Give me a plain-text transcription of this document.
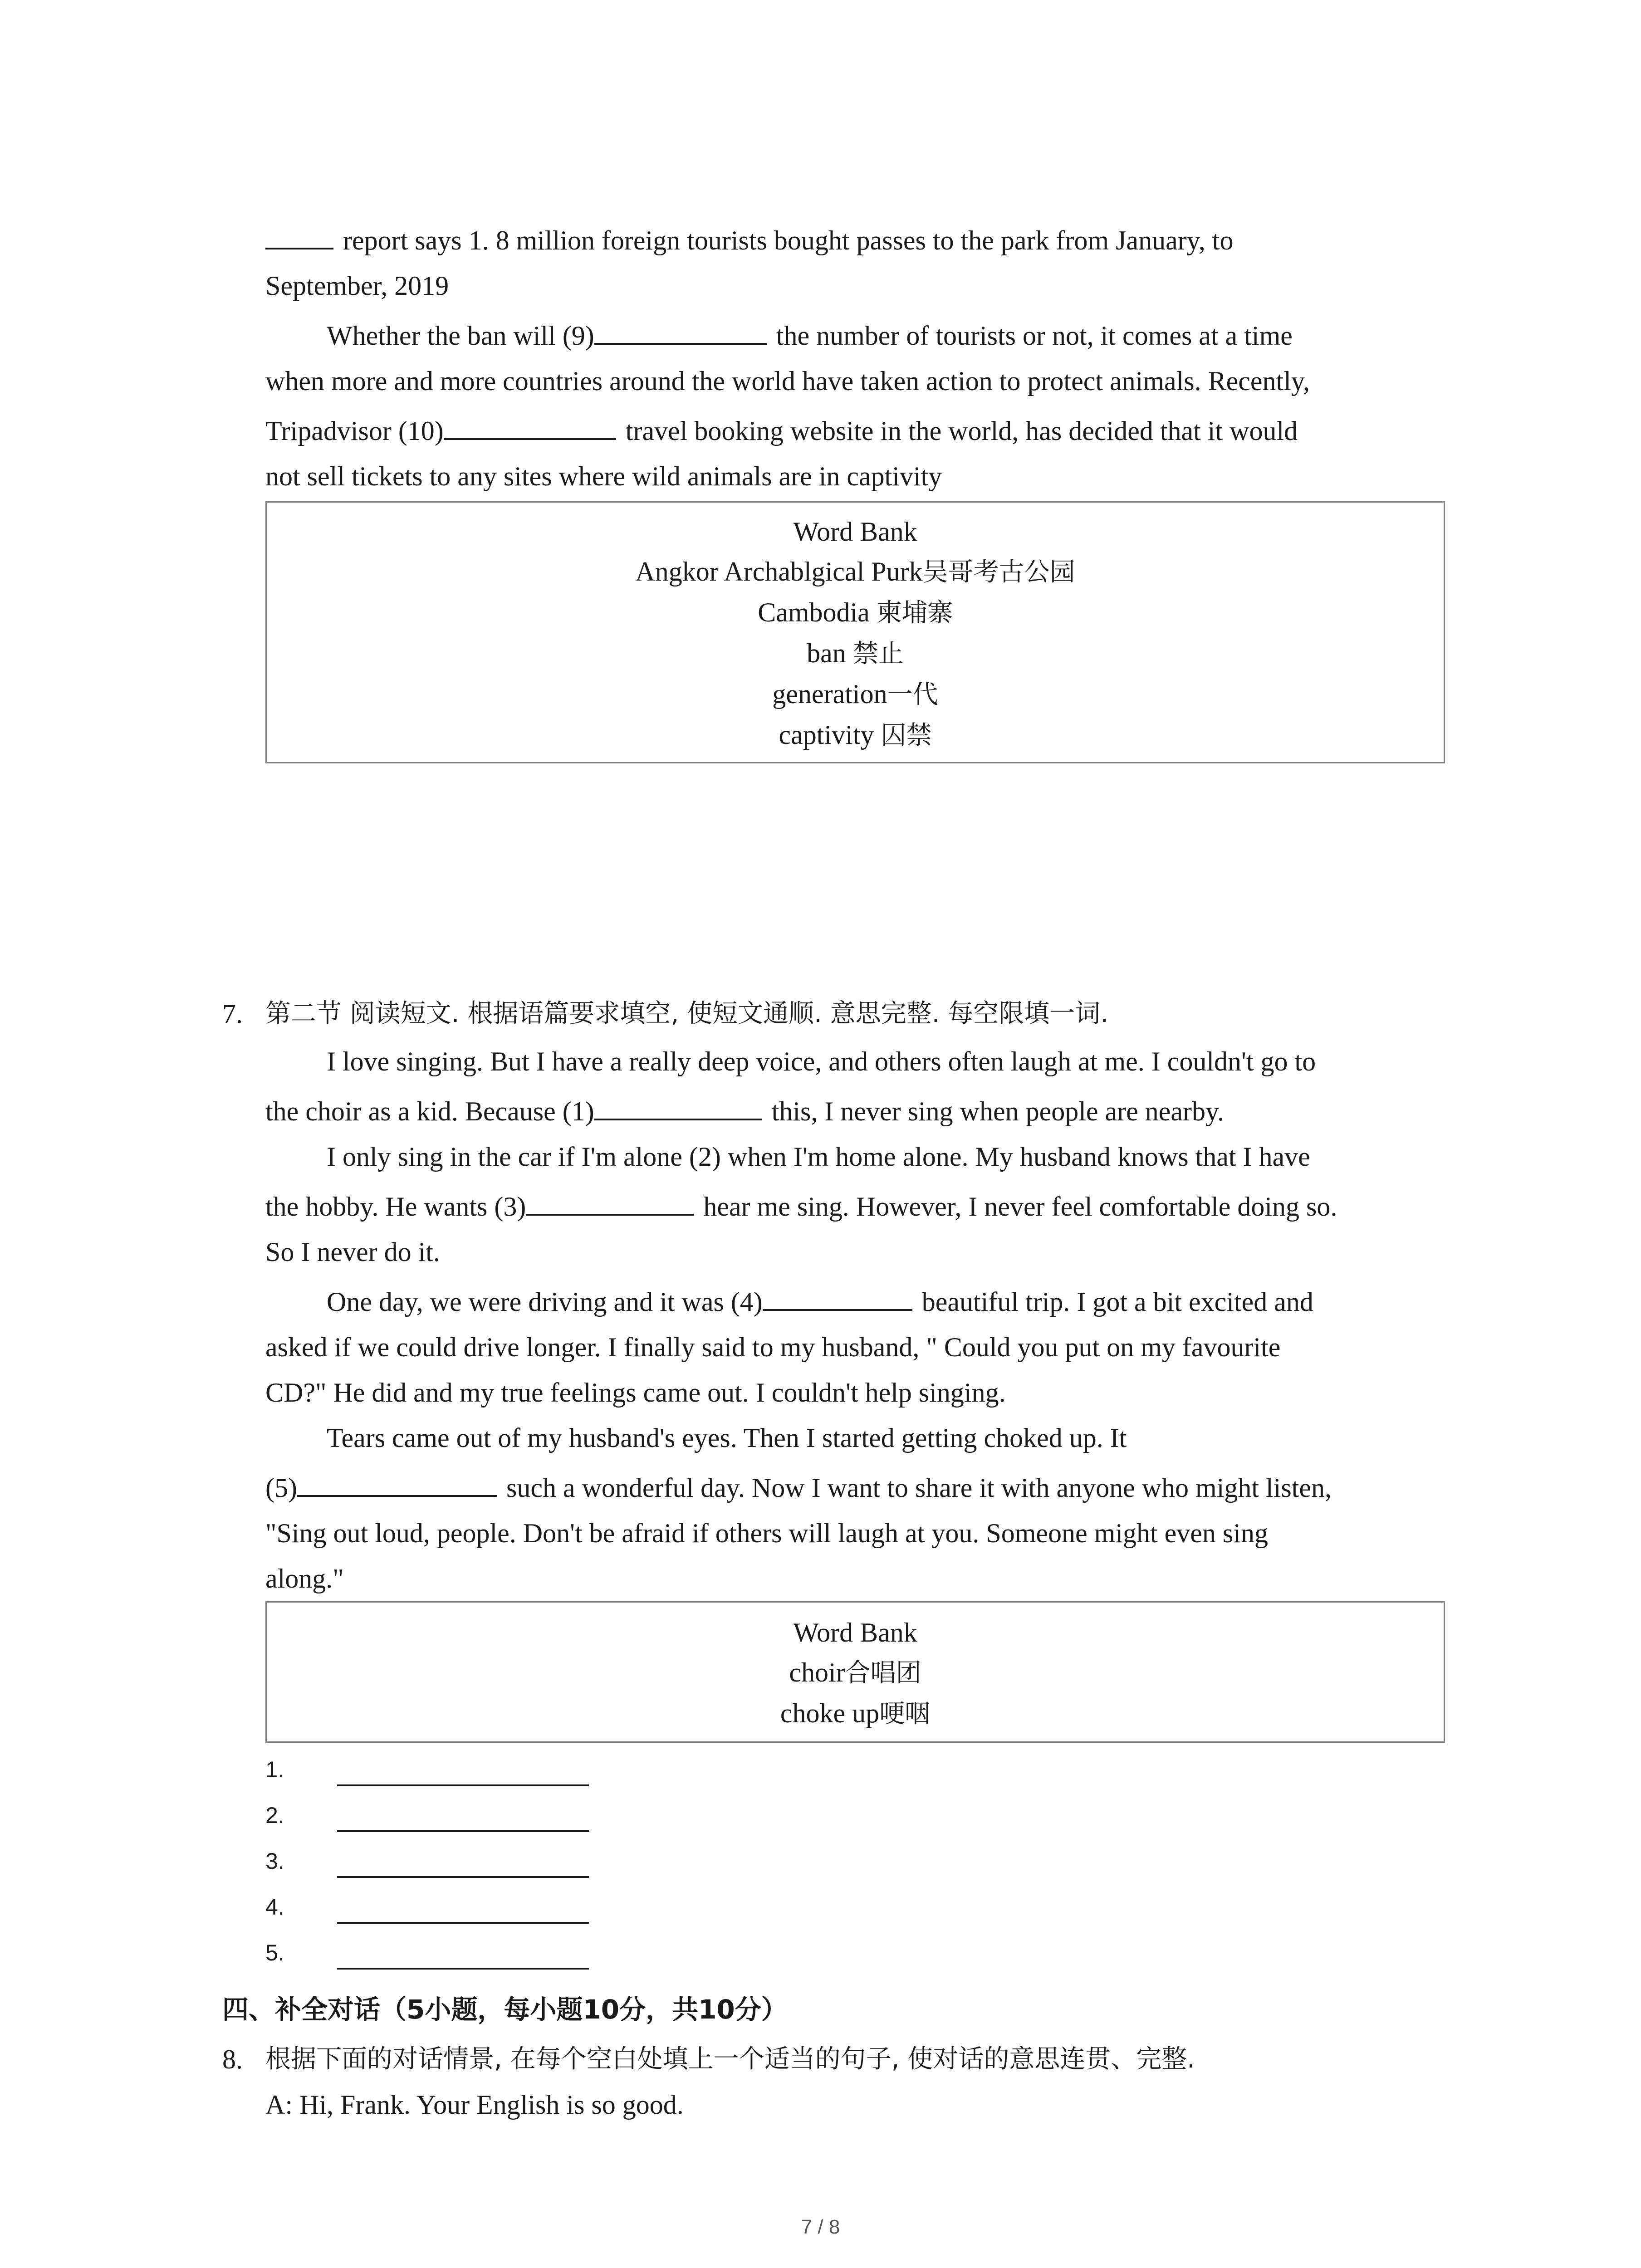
report says 1. 8 million foreign tourists bought passes to the park from January, to
September, 2019
Whether the ban will (9)	the number of tourists or not, it comes at a time
when more and more countries around the world have taken action to protect animals. Recently,
Tripadvisor (10)	travel booking website in the world, has decided that it would
not sell tickets to any sites where wild animals are in captivity
Word Bank
Angkor Archablgical Purk吴哥考古公园
Cambodia 柬埔寨
ban 禁止
generation一代
captivity 囚禁
7. 第二节 阅读短文. 根据语篇要求填空, 使短文通顺. 意思完整. 每空限填一词.
I love singing. But I have a really deep voice, and others often laugh at me. I couldn't go to
the choir as a kid. Because (1)	this, I never sing when people are nearby.
I only sing in the car if I'm alone (2) when I'm home alone. My husband knows that I have
the hobby. He wants (3)	hear me sing. However, I never feel comfortable doing so.
So I never do it.
One day, we were driving and it was (4)	beautiful trip. I got a bit excited and
asked if we could drive longer. I finally said to my husband, " Could you put on my favourite
CD?" He did and my true feelings came out. I couldn't help singing.
Tears came out of my husband's eyes. Then I started getting choked up. It
(5)	such a wonderful day. Now I want to share it with anyone who might listen,
"Sing out loud, people. Don't be afraid if others will laugh at you. Someone might even sing
along."
Word Bank
choir合唱团
choke up哽咽
1.
2.
3.
4.
5.
四、补全对话（5小题，每小题10分，共10分）
8. 根据下面的对话情景, 在每个空白处填上一个适当的句子, 使对话的意思连贯、完整.
A: Hi, Frank. Your English is so good.
7 / 8
